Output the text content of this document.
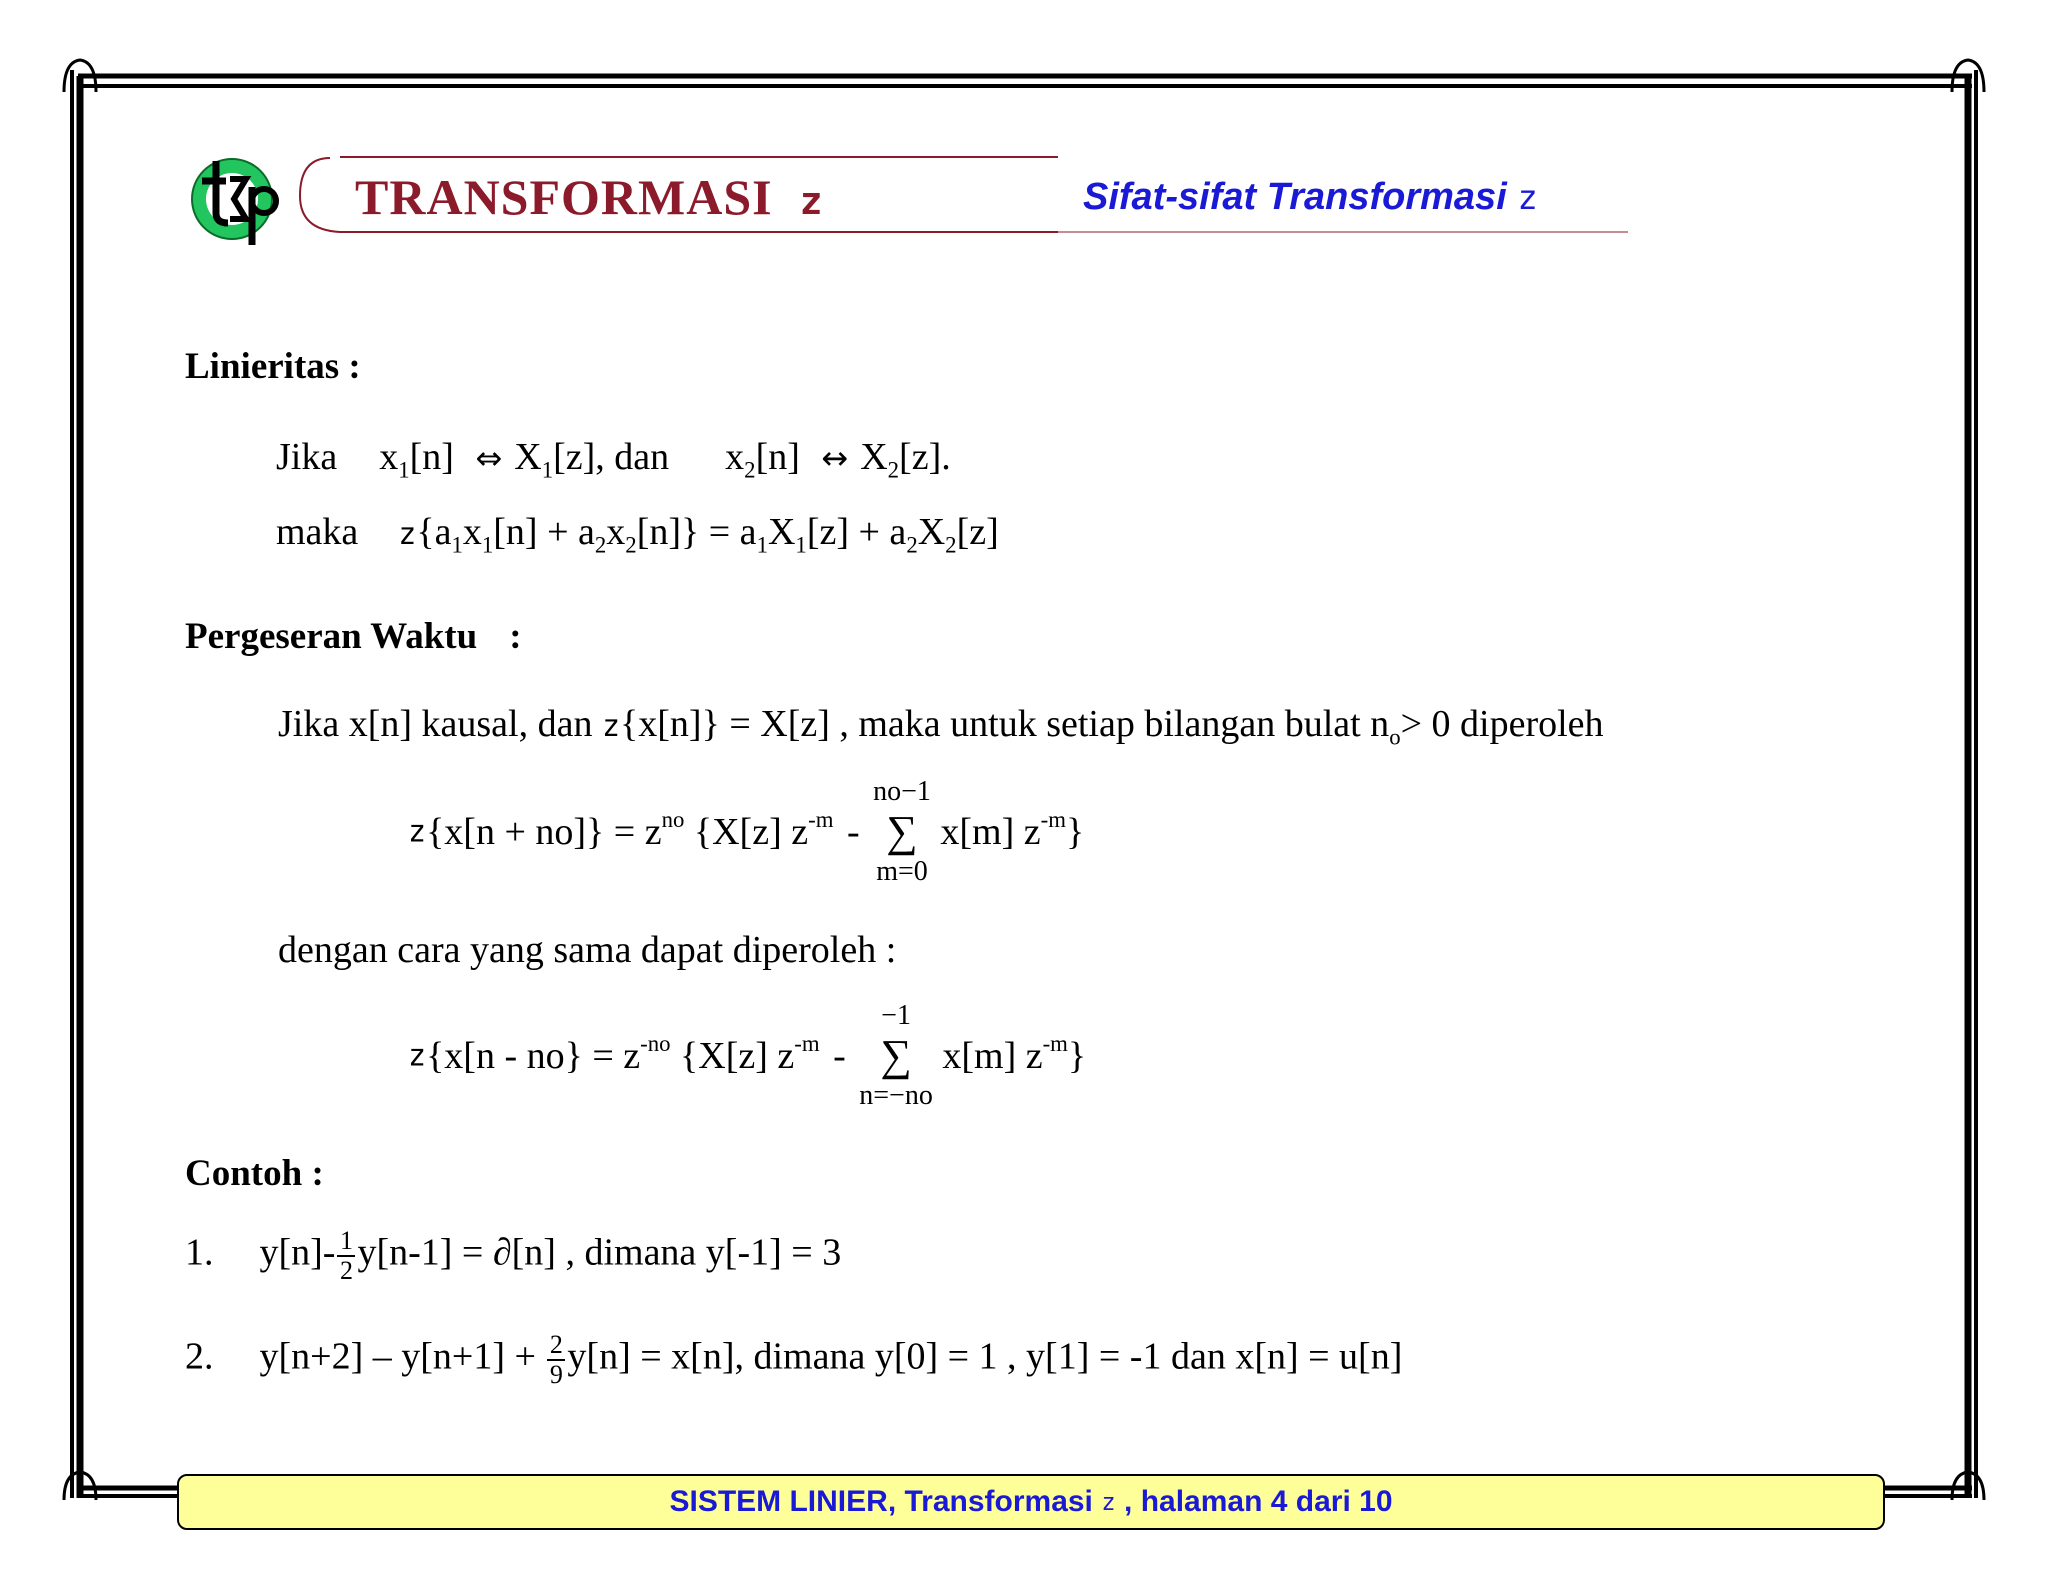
TRANSFORMASI z	Sifat-sifat Transformasi z
Linieritas :
Jika $x_1[n]$ ⇔ $X_1[z]$, dan $x_2[n]$ ↔ $X_2[z]$.
maka $z\{a_1x_1[n] + a_2x_2[n]\} = a_1X_1[z] + a_2X_2[z]$
Pergeseran Waktu :
Jika x[n] kausal, dan z{x[n]} = X[z] , maka untuk setiap bilangan bulat $n_o> 0$ diperoleh
$z\{x[n + no]\} = z^{no}$ {X[z] $z^{-m}$ -
no−1
∑
m=0
x[m] $z^{-m}$}
dengan cara yang sama dapat diperoleh :
$z\{x[n - no\} = z^{-no}$ {X[z] $z^{-m}$ -
−1
∑
n=−no
x[m] $z^{-m}$}
Contoh :
1. $y[n]- \frac{1}{2} y[n-1] = \partial[n]$ , dimana y[-1] = 3
2. $y[n+2] - y[n+1] + \frac{2}{9} y[n] = x[n]$, dimana y[0] = 1 , y[1] = -1 dan x[n] = u[n]
SISTEM LINIER, Transformasi
z
, halaman 4 dari 10
